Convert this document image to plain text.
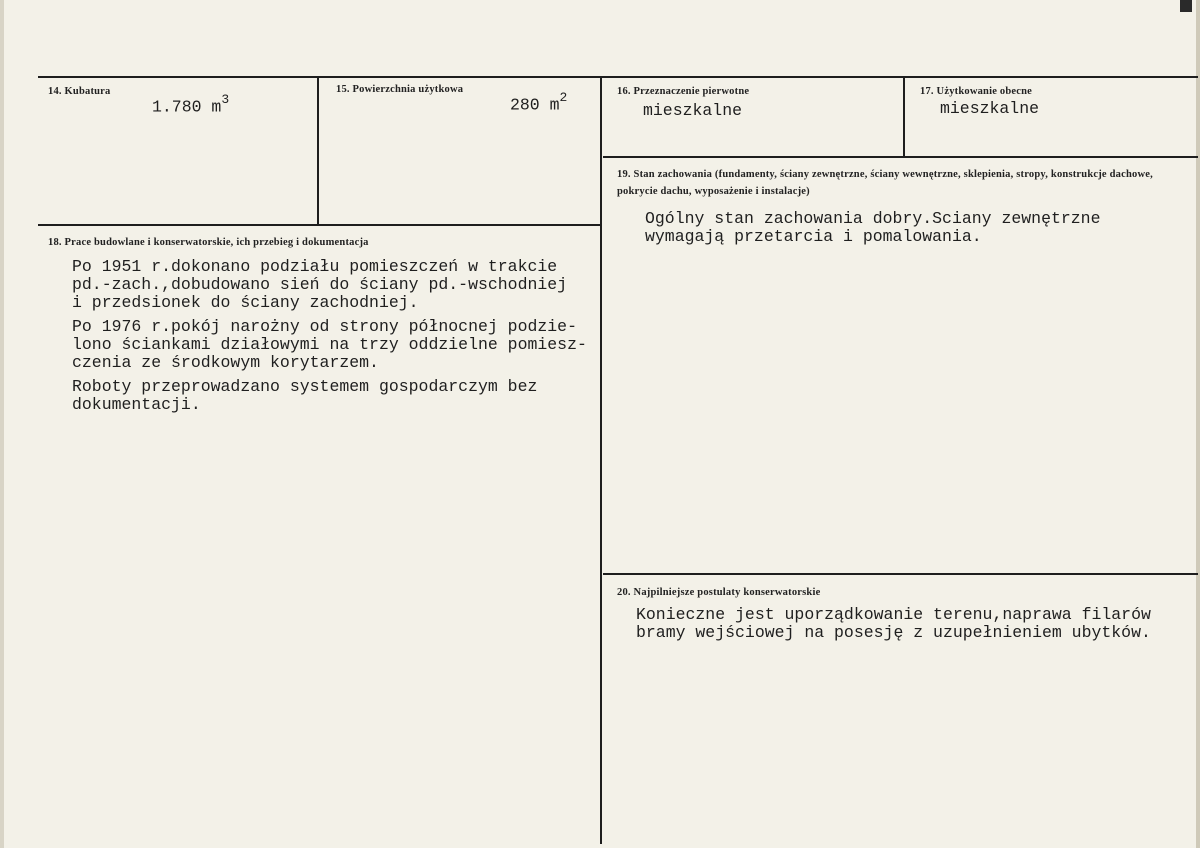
14. Kubatura
1.780 $m^3$
15. Powierzchnia użytkowa
280 $m^2$	16. Przeznaczenie pierwotne
mieszkalne
17. Użytkowanie obecne
mieszkalne
19. Stan zachowania (fundamenty, ściany zewnętrzne, ściany wewnętrzne, sklepienia, stropy, konstrukcje dachowe, pokrycie dachu, wyposażenie i instalacje)
Ogólny stan zachowania dobry.Sciany zewnętrzne
wymagają przetarcia i pomalowania.
18. Prace budowlane i konserwatorskie, ich przebieg i dokumentacja
Po 1951 r.dokonano podziału pomieszczeń w trakcie
pd.-zach.,dobudowano sień do ściany pd.-wschodniej
i przedsionek do ściany zachodniej.
Po 1976 r.pokój narożny od strony północnej podzie-
lono ściankami działowymi na trzy oddzielne pomiesz-
czenia ze środkowym korytarzem.
Roboty przeprowadzano systemem gospodarczym bez
dokumentacji.
20. Najpilniejsze postulaty konserwatorskie
Konieczne jest uporządkowanie terenu,naprawa filarów
bramy wejściowej na posesję z uzupełnieniem ubytków.
